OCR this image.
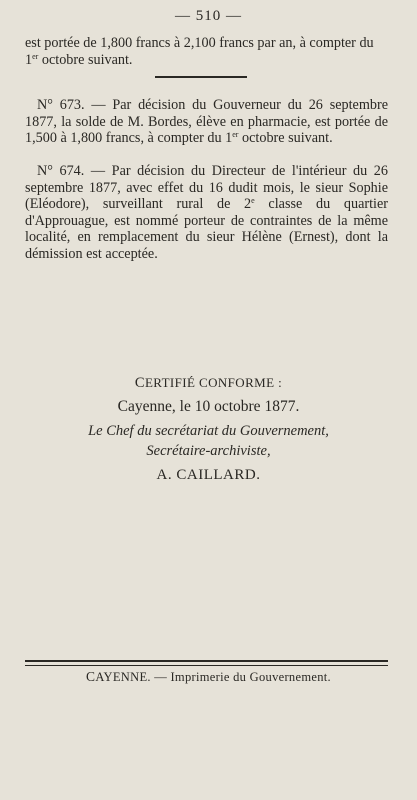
— 510 —

est portée de 1,800 francs à 2,100 francs par an, à compter du

1er octobre suivant.

N° 673. — Par décision du Gouverneur du 26 septembre 1877, la solde de M. Bordes, élève en pharmacie, est portée de 1,500 à 1,800 francs, à compter du 1er octobre suivant.

N° 674. — Par décision du Directeur de l'intérieur du 26 septembre 1877, avec effet du 16 dudit mois, le sieur Sophie (Eléodore), surveillant rural de 2e classe du quartier d'Approuague, est nommé porteur de contraintes de la même localité, en remplacement du sieur Hélène (Ernest), dont la démission est acceptée.

CERTIFIÉ CONFORME :
Cayenne, le 10 octobre 1877.
Le Chef du secrétariat du Gouvernement,
Secrétaire-archiviste,
A. CAILLARD.
CAYENNE. — Imprimerie du Gouvernement.
